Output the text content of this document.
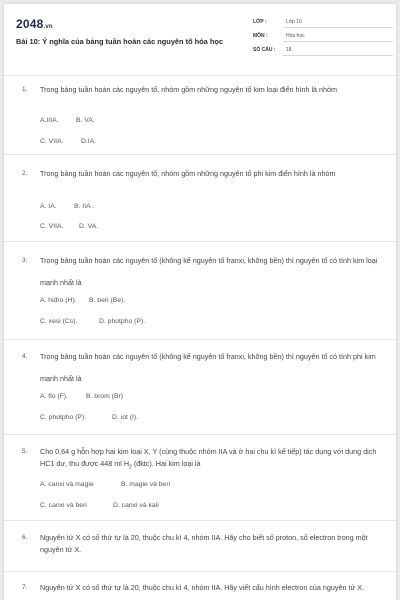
2048.vn
Bài 10: Ý nghĩa của bảng tuần hoàn các nguyên tố hóa học
LỚP :	Lớp 10
MÔN :	Hóa học
SỐ CÂU : 18
1. Trong bảng tuần hoàn các nguyên tố, nhóm gồm những nguyên tố kim loại điển hình là nhóm
A.IIIA.	B. VA.
C. VIIA.	D.IA.
2. Trong bảng tuần hoàn các nguyên tố, nhóm gồm những nguyên tố phi kim điển hình là nhóm
A. IA.	B. IIA .
C. VIIA. D. VA.
3. Trong bảng tuần hoàn các nguyên tố (không kể nguyên tố franxi, không bền) thì nguyên tố có tính kim loại mạnh nhất là
A. hiđro (H). B. beri (Be).
C. xesi (Cs).	D. photpho (P).
4. Trong bảng tuần hoàn các nguyên tố (không kể nguyên tố franxi, không bền) thì nguyên tố có tính phi kim mạnh nhất là
A. flo (F).	B. brom (Br)
C. photpho (P).	D. iot (I).
5. Cho 0,64 g hỗn hợp hai kim loại X, Y (cùng thuộc nhóm IIA và ở hai chu kì kế tiếp) tác dụng với dung dịch HC1 dư, thu được 448 ml $H_2$ (đktc). Hai kim loại là
A. canxi và magie	B. magie và beri
C. canxi và beri	D. canxi và kali
6. Nguyên tử X có số thứ tự là 20, thuộc chu kì 4, nhóm IIA. Hãy cho biết số proton, số electron trong một nguyên tử X.
7. Nguyên tử X có số thứ tự là 20, thuộc chu kì 4, nhóm IIA. Hãy viết cấu hình electron của nguyên tử X.
